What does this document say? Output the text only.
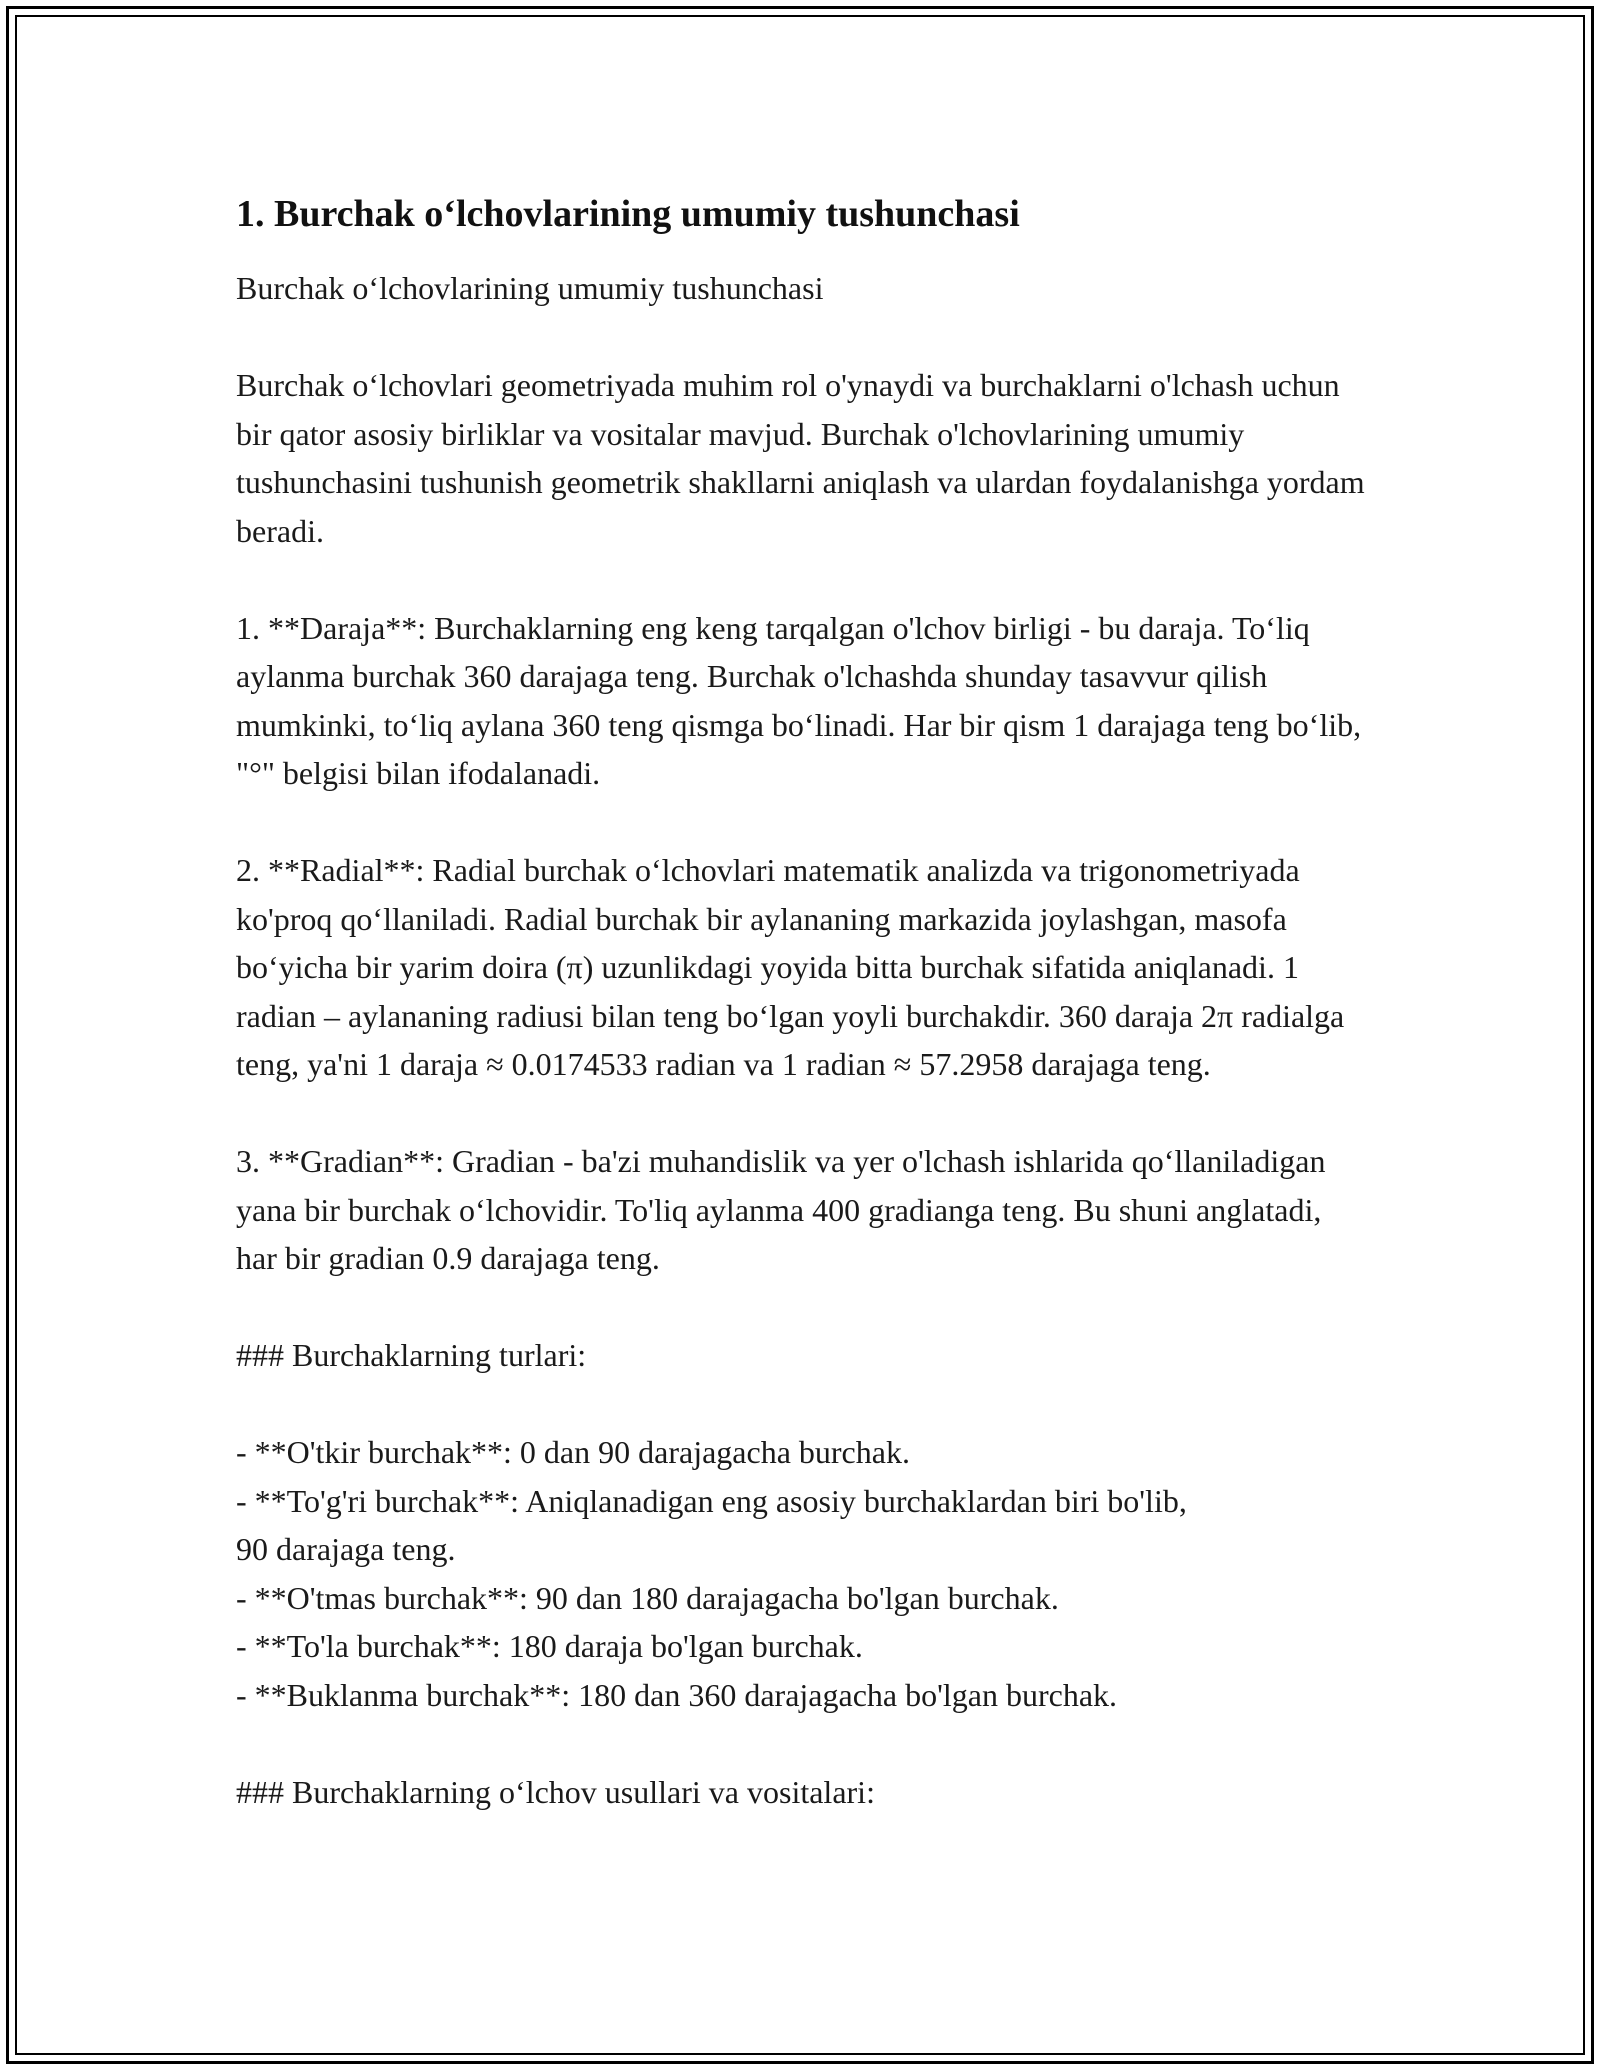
1. Burchak o‘lchovlarining umumiy tushunchasi

Burchak o‘lchovlarining umumiy tushunchasi

Burchak o‘lchovlari geometriyada muhim rol o'ynaydi va burchaklarni o'lchash uchun bir qator asosiy birliklar va vositalar mavjud. Burchak o'lchovlarining umumiy tushunchasini tushunish geometrik shakllarni aniqlash va ulardan foydalanishga yordam beradi.

1. **Daraja**: Burchaklarning eng keng tarqalgan o'lchov birligi - bu daraja. To‘liq aylanma burchak 360 darajaga teng. Burchak o'lchashda shunday tasavvur qilish mumkinki, to‘liq aylana 360 teng qismga bo‘linadi. Har bir qism 1 darajaga teng bo‘lib, "°" belgisi bilan ifodalanadi.

2. **Radial**: Radial burchak o‘lchovlari matematik analizda va trigonometriyada ko'proq qo‘llaniladi. Radial burchak bir aylananing markazida joylashgan, masofa bo‘yicha bir yarim doira (π) uzunlikdagi yoyida bitta burchak sifatida aniqlanadi. 1 radian – aylananing radiusi bilan teng bo‘lgan yoyli burchakdir. 360 daraja 2π radialga teng, ya'ni 1 daraja ≈ 0.0174533 radian va 1 radian ≈ 57.2958 darajaga teng.

3. **Gradian**: Gradian - ba'zi muhandislik va yer o'lchash ishlarida qo‘llaniladigan yana bir burchak o‘lchovidir. To'liq aylanma 400 gradianga teng. Bu shuni anglatadi, har bir gradian 0.9 darajaga teng.

### Burchaklarning turlari:

- **O'tkir burchak**: 0 dan 90 darajagacha burchak.
- **To'g'ri burchak**: Aniqlanadigan eng asosiy burchaklardan biri bo'lib,
90 darajaga teng.
- **O'tmas burchak**: 90 dan 180 darajagacha bo'lgan burchak.
- **To'la burchak**: 180 daraja bo'lgan burchak.
- **Buklanma burchak**: 180 dan 360 darajagacha bo'lgan burchak.

### Burchaklarning o‘lchov usullari va vositalari:
